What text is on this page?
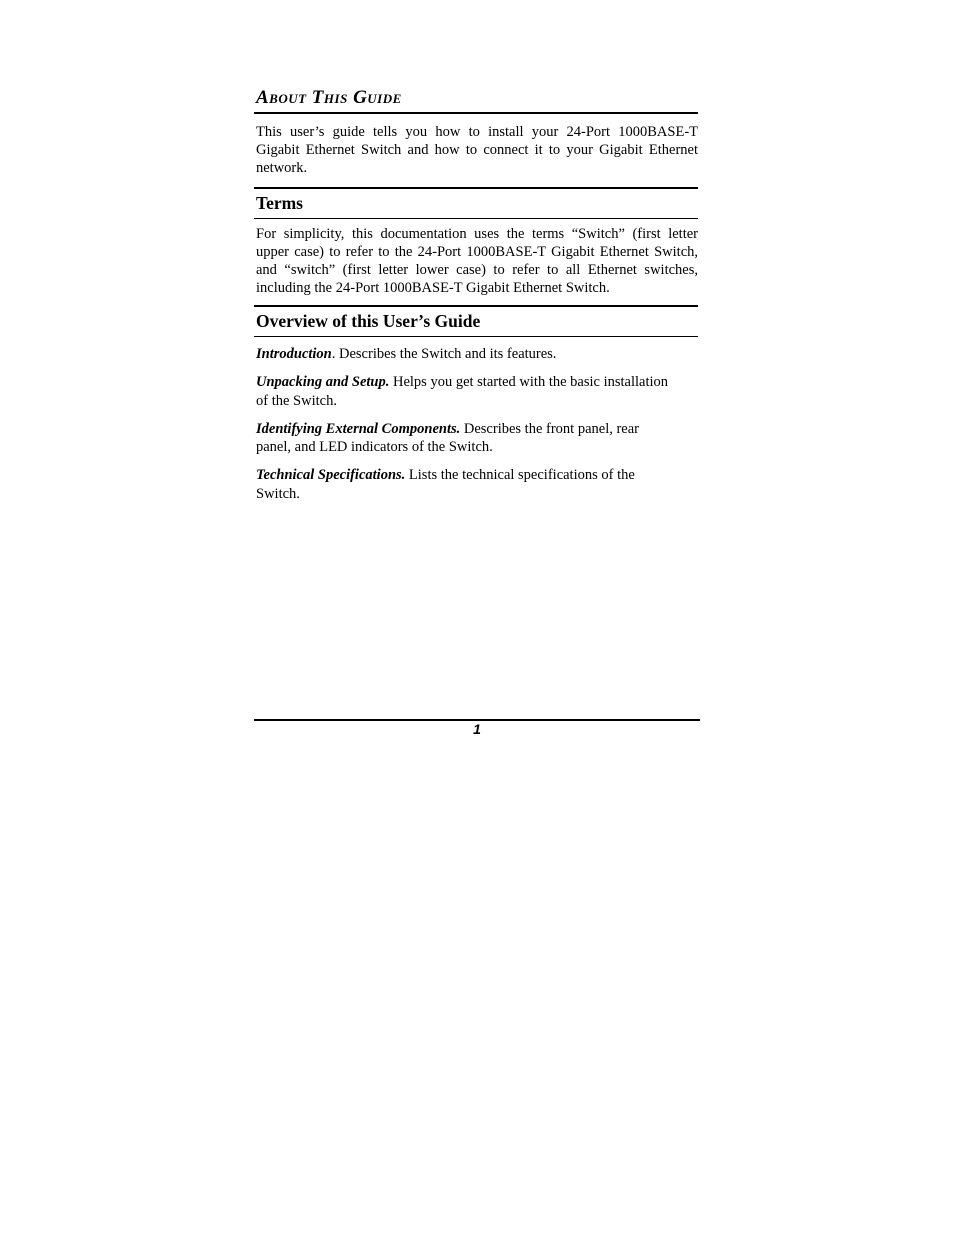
About This Guide

This user’s guide tells you how to install your 24-Port 1000BASE-T Gigabit Ethernet Switch and how to connect it to your Gigabit Ethernet network.

Terms

For simplicity, this documentation uses the terms “Switch” (first letter upper case) to refer to the 24-Port 1000BASE-T Gigabit Ethernet Switch, and “switch” (first letter lower case) to refer to all Ethernet switches, including the 24-Port 1000BASE-T Gigabit Ethernet Switch.

Overview of this User’s Guide
Introduction. Describes the Switch and its features.
Unpacking and Setup. Helps you get started with the basic installation of the Switch.
Identifying External Components. Describes the front panel, rear panel, and LED indicators of the Switch.
Technical Specifications. Lists the technical specifications of the Switch.
1
